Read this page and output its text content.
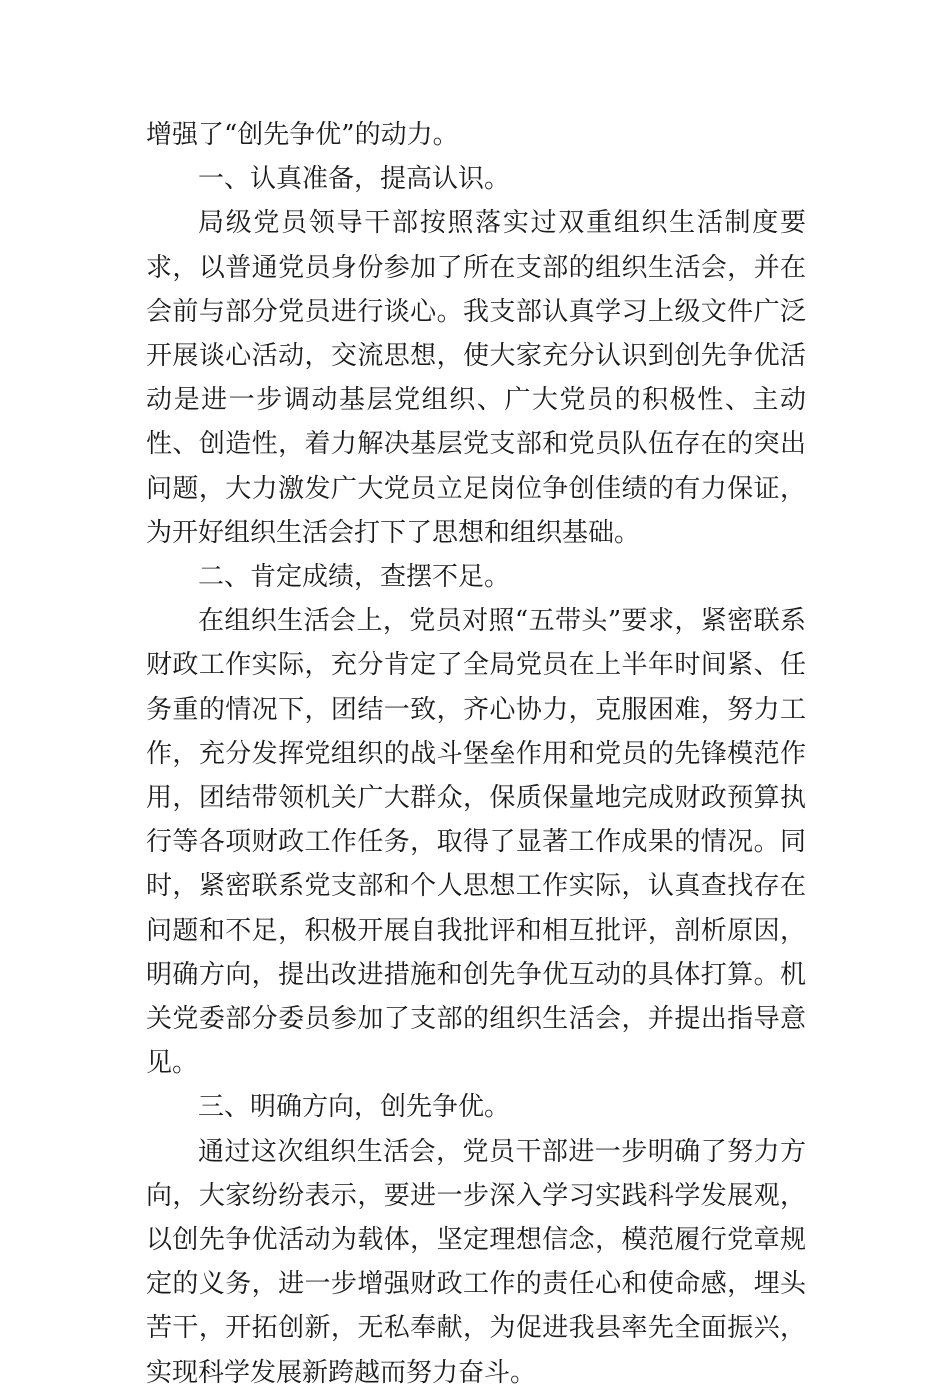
增强了“创先争优”的动力。

一、认真准备，提高认识。

局级党员领导干部按照落实过双重组织生活制度要求，以普通党员身份参加了所在支部的组织生活会，并在会前与部分党员进行谈心。我支部认真学习上级文件广泛开展谈心活动，交流思想，使大家充分认识到创先争优活动是进一步调动基层党组织、广大党员的积极性、主动性、创造性，着力解决基层党支部和党员队伍存在的突出问题，大力激发广大党员立足岗位争创佳绩的有力保证，为开好组织生活会打下了思想和组织基础。

二、肯定成绩，查摆不足。

在组织生活会上，党员对照“五带头”要求，紧密联系财政工作实际，充分肯定了全局党员在上半年时间紧、任务重的情况下，团结一致，齐心协力，克服困难，努力工作，充分发挥党组织的战斗堡垒作用和党员的先锋模范作用，团结带领机关广大群众，保质保量地完成财政预算执行等各项财政工作任务，取得了显著工作成果的情况。同时，紧密联系党支部和个人思想工作实际，认真查找存在问题和不足，积极开展自我批评和相互批评，剖析原因，明确方向，提出改进措施和创先争优互动的具体打算。机关党委部分委员参加了支部的组织生活会，并提出指导意见。

三、明确方向，创先争优。

通过这次组织生活会，党员干部进一步明确了努力方向，大家纷纷表示，要进一步深入学习实践科学发展观，以创先争优活动为载体，坚定理想信念，模范履行党章规定的义务，进一步增强财政工作的责任心和使命感，埋头苦干，开拓创新，无私奉献，为促进我县率先全面振兴，实现科学发展新跨越而努力奋斗。
